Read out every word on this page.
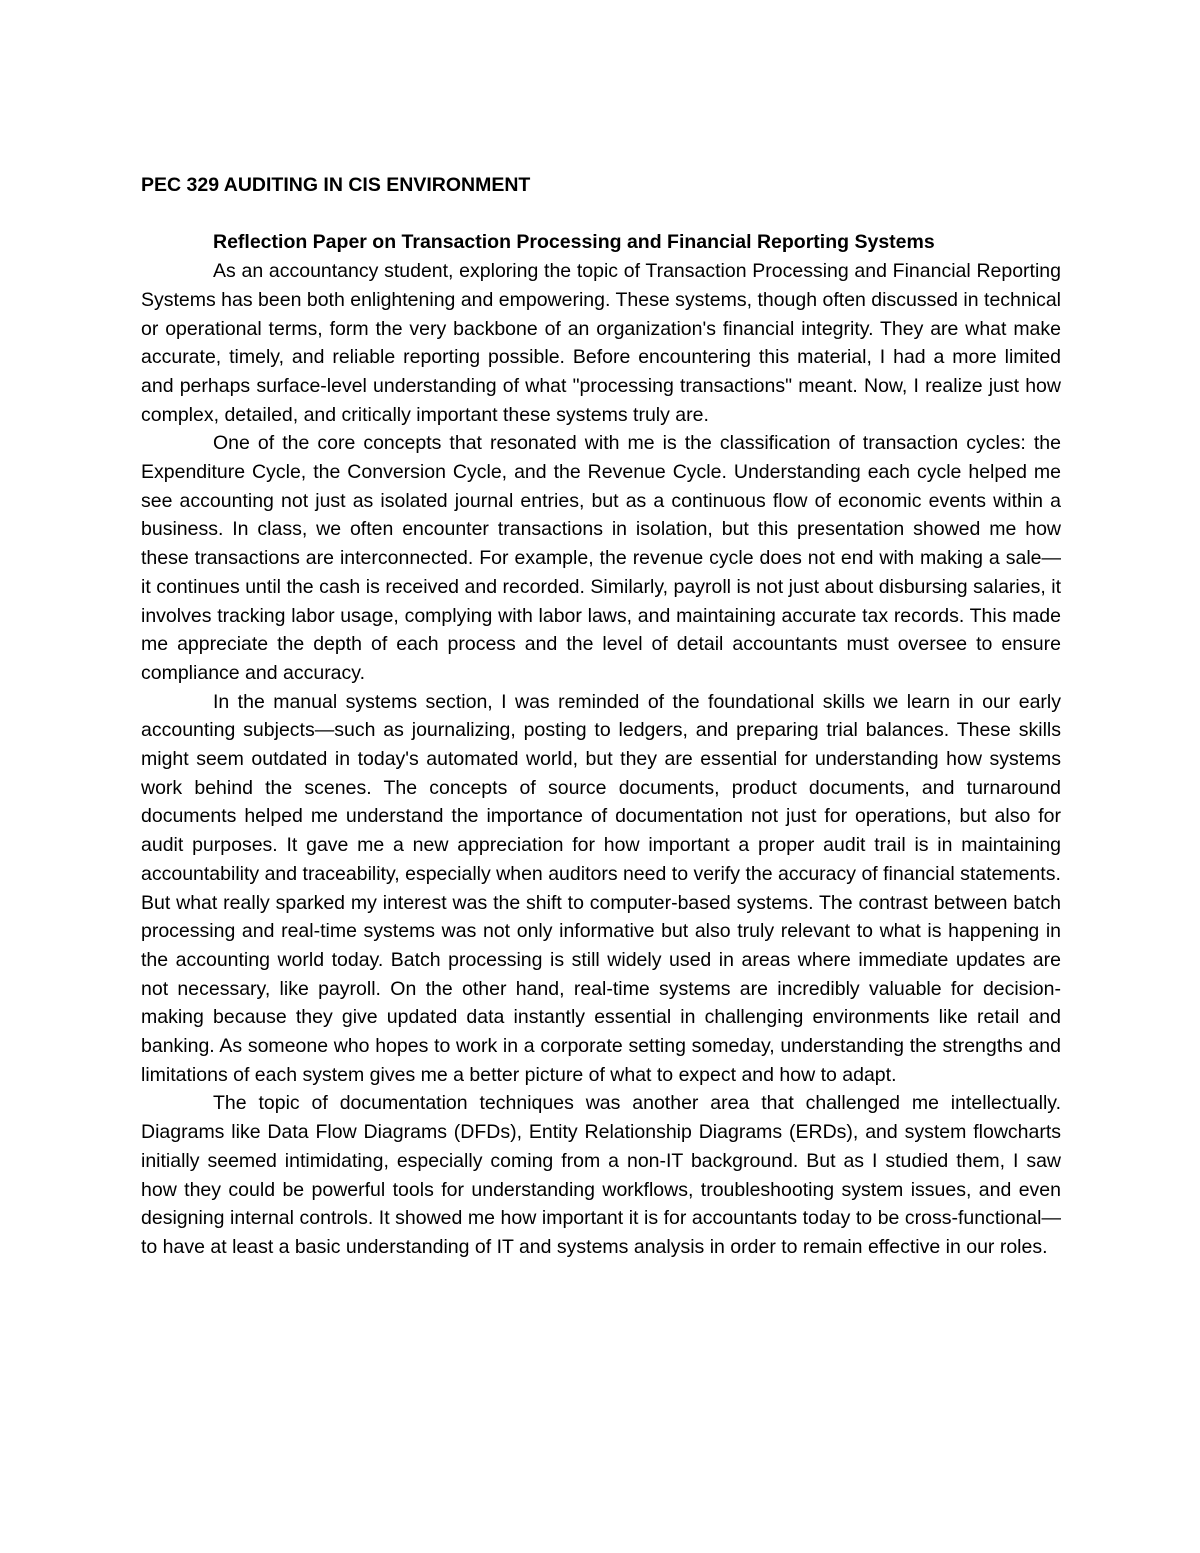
PEC 329 AUDITING IN CIS ENVIRONMENT

Reflection Paper on Transaction Processing and Financial Reporting Systems

As an accountancy student, exploring the topic of Transaction Processing and Financial Reporting Systems has been both enlightening and empowering. These systems, though often discussed in technical or operational terms, form the very backbone of an organization's financial integrity. They are what make accurate, timely, and reliable reporting possible. Before encountering this material, I had a more limited and perhaps surface-level understanding of what "processing transactions" meant. Now, I realize just how complex, detailed, and critically important these systems truly are.

One of the core concepts that resonated with me is the classification of transaction cycles: the Expenditure Cycle, the Conversion Cycle, and the Revenue Cycle. Understanding each cycle helped me see accounting not just as isolated journal entries, but as a continuous flow of economic events within a business. In class, we often encounter transactions in isolation, but this presentation showed me how these transactions are interconnected. For example, the revenue cycle does not end with making a sale—it continues until the cash is received and recorded. Similarly, payroll is not just about disbursing salaries, it involves tracking labor usage, complying with labor laws, and maintaining accurate tax records. This made me appreciate the depth of each process and the level of detail accountants must oversee to ensure compliance and accuracy.

In the manual systems section, I was reminded of the foundational skills we learn in our early accounting subjects—such as journalizing, posting to ledgers, and preparing trial balances. These skills might seem outdated in today's automated world, but they are essential for understanding how systems work behind the scenes. The concepts of source documents, product documents, and turnaround documents helped me understand the importance of documentation not just for operations, but also for audit purposes. It gave me a new appreciation for how important a proper audit trail is in maintaining accountability and traceability, especially when auditors need to verify the accuracy of financial statements.

But what really sparked my interest was the shift to computer-based systems. The contrast between batch processing and real-time systems was not only informative but also truly relevant to what is happening in the accounting world today. Batch processing is still widely used in areas where immediate updates are not necessary, like payroll. On the other hand, real-time systems are incredibly valuable for decision-making because they give updated data instantly essential in challenging environments like retail and banking. As someone who hopes to work in a corporate setting someday, understanding the strengths and limitations of each system gives me a better picture of what to expect and how to adapt.

The topic of documentation techniques was another area that challenged me intellectually. Diagrams like Data Flow Diagrams (DFDs), Entity Relationship Diagrams (ERDs), and system flowcharts initially seemed intimidating, especially coming from a non-IT background. But as I studied them, I saw how they could be powerful tools for understanding workflows, troubleshooting system issues, and even designing internal controls. It showed me how important it is for accountants today to be cross-functional—to have at least a basic understanding of IT and systems analysis in order to remain effective in our roles.
